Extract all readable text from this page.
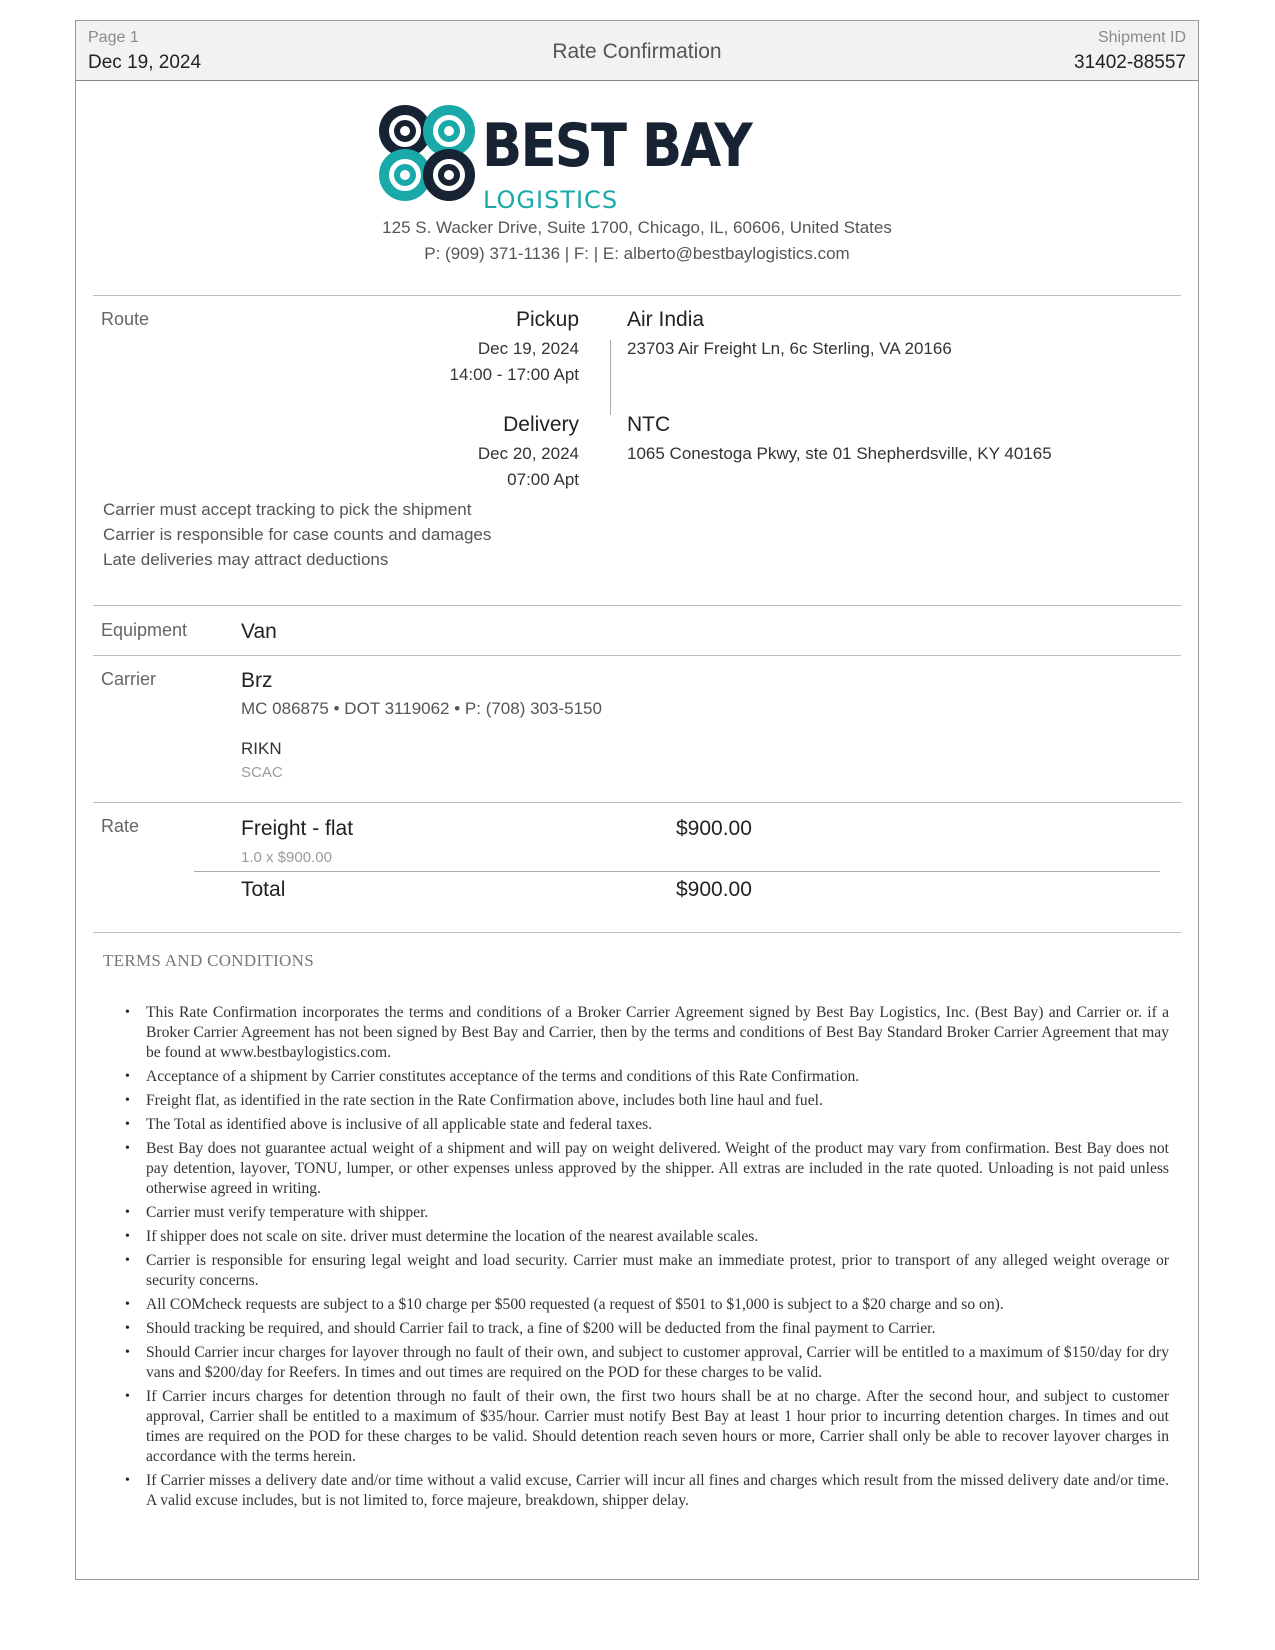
Page 1
Dec 19, 2024	Rate Confirmation
Shipment ID
31402-88557
BEST BAY
LOGISTICS
125 S. Wacker Drive, Suite 1700, Chicago, IL, 60606, United States
P: (909) 371-1136 | F: | E: alberto@bestbaylogistics.com
Route	Pickup
Dec 19, 2024
14:00 - 17:00 Apt
Air India
23703 Air Freight Ln, 6c Sterling, VA 20166
Delivery
Dec 20, 2024
07:00 Apt
NTC
1065 Conestoga Pkwy, ste 01 Shepherdsville, KY 40165
Carrier must accept tracking to pick the shipment
Carrier is responsible for case counts and damages
Late deliveries may attract deductions
Equipment	Van
Carrier	Brz
MC 086875 • DOT 3119062 • P: (708) 303-5150
RIKN
SCAC
Rate	Freight - flat	$900.00
1.0 x $900.00
Total	$900.00
TERMS AND CONDITIONS
• This Rate Confirmation incorporates the terms and conditions of a Broker Carrier Agreement signed by Best Bay Logistics, Inc. (Best Bay) and Carrier or. if a Broker Carrier Agreement has not been signed by Best Bay and Carrier, then by the terms and conditions of Best Bay Standard Broker Carrier Agreement that may be found at www.bestbaylogistics.com.
• Acceptance of a shipment by Carrier constitutes acceptance of the terms and conditions of this Rate Confirmation.
• Freight flat, as identified in the rate section in the Rate Confirmation above, includes both line haul and fuel.
• The Total as identified above is inclusive of all applicable state and federal taxes.
• Best Bay does not guarantee actual weight of a shipment and will pay on weight delivered. Weight of the product may vary from confirmation. Best Bay does not pay detention, layover, TONU, lumper, or other expenses unless approved by the shipper. All extras are included in the rate quoted. Unloading is not paid unless otherwise agreed in writing.
• Carrier must verify temperature with shipper.
• If shipper does not scale on site. driver must determine the location of the nearest available scales.
• Carrier is responsible for ensuring legal weight and load security. Carrier must make an immediate protest, prior to transport of any alleged weight overage or security concerns.
• All COMcheck requests are subject to a $10 charge per $500 requested (a request of $501 to $1,000 is subject to a $20 charge and so on).
• Should tracking be required, and should Carrier fail to track, a fine of $200 will be deducted from the final payment to Carrier.
• Should Carrier incur charges for layover through no fault of their own, and subject to customer approval, Carrier will be entitled to a maximum of $150/day for dry vans and $200/day for Reefers. In times and out times are required on the POD for these charges to be valid.
• If Carrier incurs charges for detention through no fault of their own, the first two hours shall be at no charge. After the second hour, and subject to customer approval, Carrier shall be entitled to a maximum of $35/hour. Carrier must notify Best Bay at least 1 hour prior to incurring detention charges. In times and out times are required on the POD for these charges to be valid. Should detention reach seven hours or more, Carrier shall only be able to recover layover charges in accordance with the terms herein.
• If Carrier misses a delivery date and/or time without a valid excuse, Carrier will incur all fines and charges which result from the missed delivery date and/or time. A valid excuse includes, but is not limited to, force majeure, breakdown, shipper delay.
